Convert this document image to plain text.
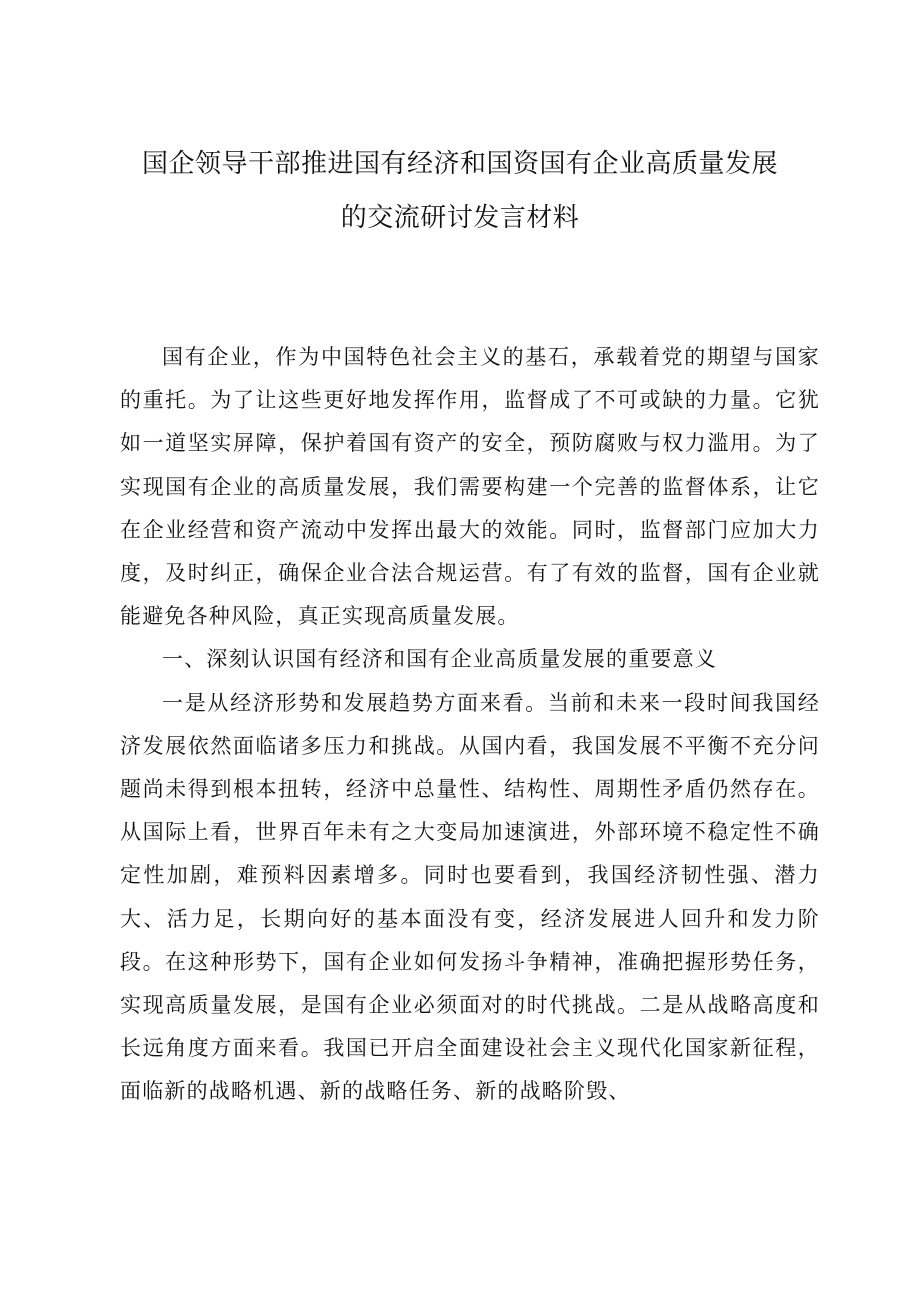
国企领导干部推进国有经济和国资国有企业高质量发展
的交流研讨发言材料

国有企业，作为中国特色社会主义的基石，承载着党的期望与国家的重托。为了让这些更好地发挥作用，监督成了不可或缺的力量。它犹如一道坚实屏障，保护着国有资产的安全，预防腐败与权力滥用。为了实现国有企业的高质量发展，我们需要构建一个完善的监督体系，让它在企业经营和资产流动中发挥出最大的效能。同时，监督部门应加大力度，及时纠正，确保企业合法合规运营。有了有效的监督，国有企业就能避免各种风险，真正实现高质量发展。

一、深刻认识国有经济和国有企业高质量发展的重要意义

一是从经济形势和发展趋势方面来看。当前和未来一段时间我国经济发展依然面临诸多压力和挑战。从国内看，我国发展不平衡不充分问题尚未得到根本扭转，经济中总量性、结构性、周期性矛盾仍然存在。从国际上看，世界百年未有之大变局加速演进，外部环境不稳定性不确定性加剧，难预料因素增多。同时也要看到，我国经济韧性强、潜力大、活力足，长期向好的基本面没有变，经济发展进人回升和发力阶段。在这种形势下，国有企业如何发扬斗争精神，准确把握形势任务，实现高质量发展，是国有企业必须面对的时代挑战。二是从战略高度和长远角度方面来看。我国已开启全面建设社会主义现代化国家新征程，面临新的战略机遇、新的战略任务、新的战略阶毁、
